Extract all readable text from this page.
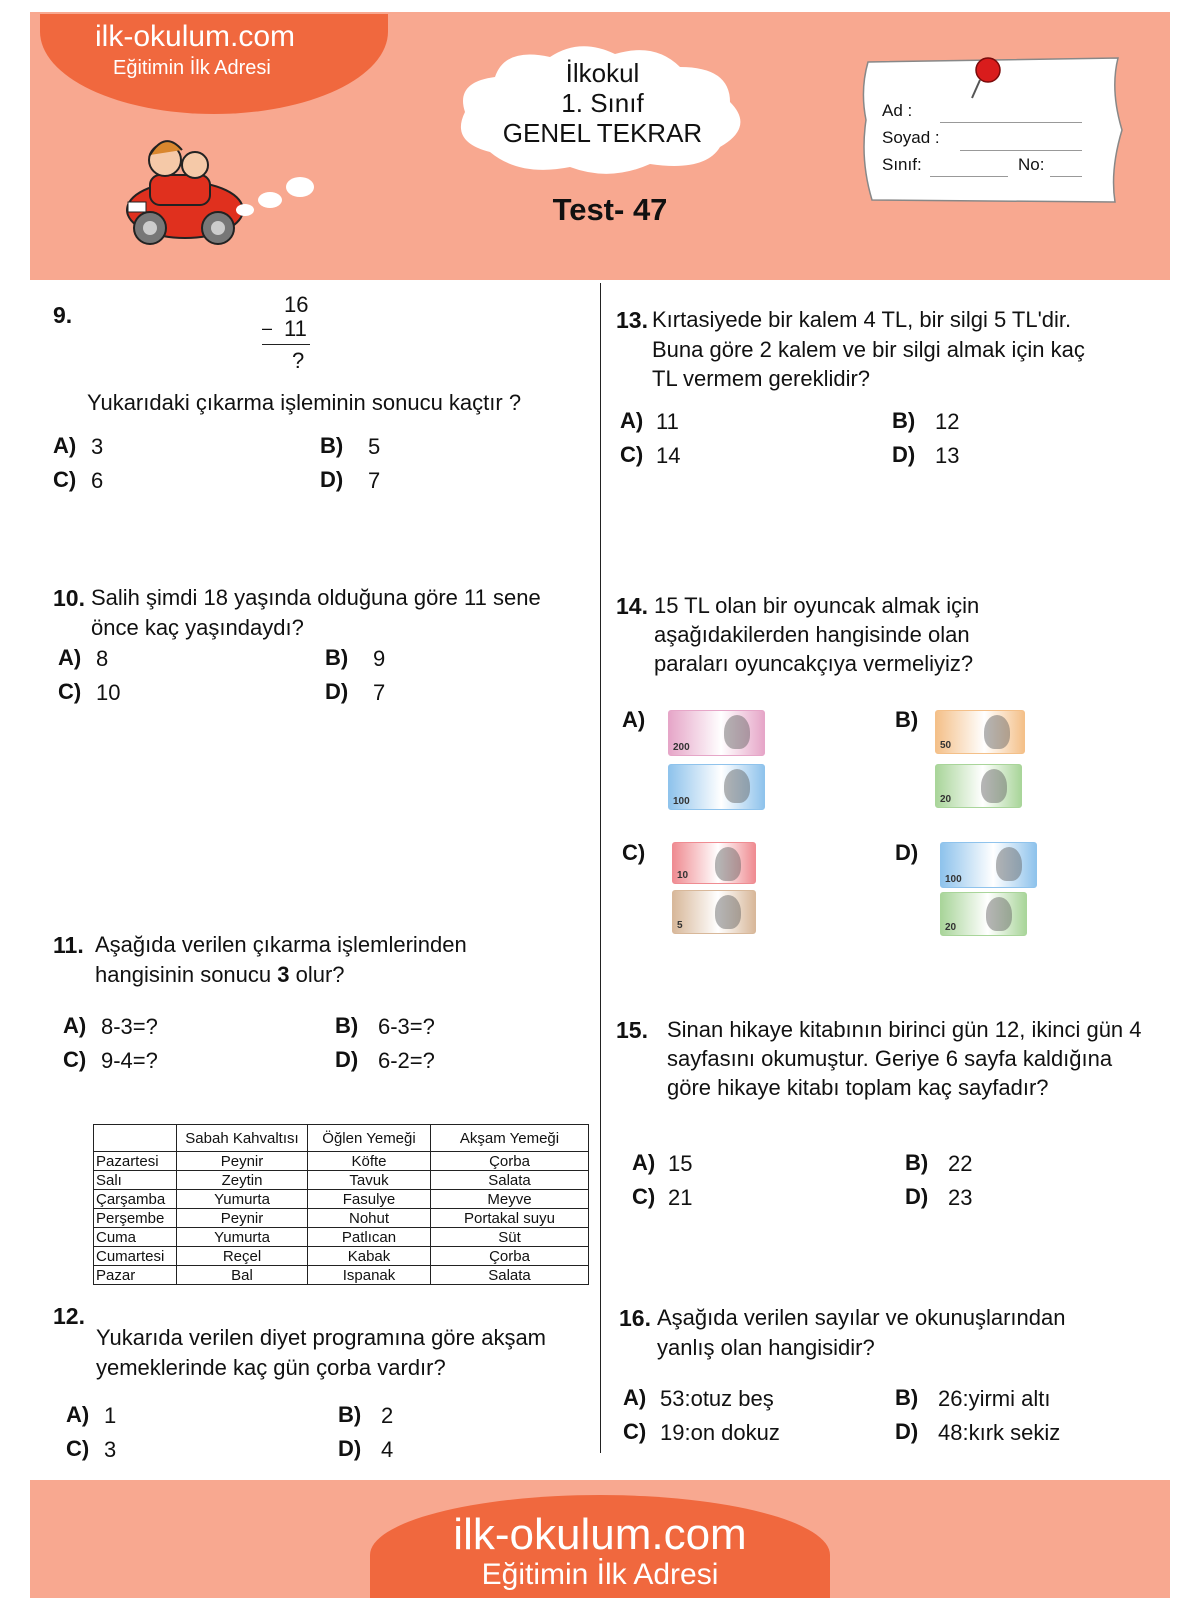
ilk-okulum.com
Eğitimin İlk Adresi	İlkokul
1. Sınıf
GENEL TEKRAR
Test- 47
Ad :
Soyad :
Sınıf:	No:
9.	16
– 11
?
Yukarıdaki çıkarma işleminin sonucu kaçtır ?
A) 3	B) 5
C) 6	D) 7
10. Salih şimdi 18 yaşında olduğuna göre 11 sene
önce kaç yaşındaydı?
A) 8	B) 9
C) 10	D) 7
11. Aşağıda verilen çıkarma işlemlerinden
hangisinin sonucu 3 olur?
A) 8-3=?	B) 6-3=?
C) 9-4=?	D) 6-2=?
	Sabah Kahvaltısı	Öğlen Yemeği	Akşam Yemeği
Pazartesi	Peynir	Köfte	Çorba
Salı	Zeytin	Tavuk	Salata
Çarşamba	Yumurta	Fasulye	Meyve
Perşembe	Peynir	Nohut	Portakal suyu
Cuma	Yumurta	Patlıcan	Süt
Cumartesi	Reçel	Kabak	Çorba
Pazar	Bal	Ispanak	Salata
12.
Yukarıda verilen diyet programına göre akşam
yemeklerinde kaç gün çorba vardır?
A) 1	B) 2
C) 3	D) 4
13. Kırtasiyede bir kalem 4 TL, bir silgi 5 TL'dir.
Buna göre 2 kalem ve bir silgi almak için kaç
TL vermem gereklidir?
A) 11	B) 12
C) 14	D) 13
14. 15 TL olan bir oyuncak almak için
aşağıdakilerden hangisinde olan
paraları oyuncakçıya vermeliyiz?
A)
200
100
B)
50
20
C)
10
5
D)
100
20
15. Sinan hikaye kitabının birinci gün 12, ikinci gün 4
sayfasını okumuştur. Geriye 6 sayfa kaldığına
göre hikaye kitabı toplam kaç sayfadır?
A) 15	B) 22
C) 21	D) 23
16. Aşağıda verilen sayılar ve okunuşlarından
yanlış olan hangisidir?
A) 53:otuz beş	B) 26:yirmi altı
C) 19:on dokuz	D) 48:kırk sekiz
ilk-okulum.com
Eğitimin İlk Adresi
